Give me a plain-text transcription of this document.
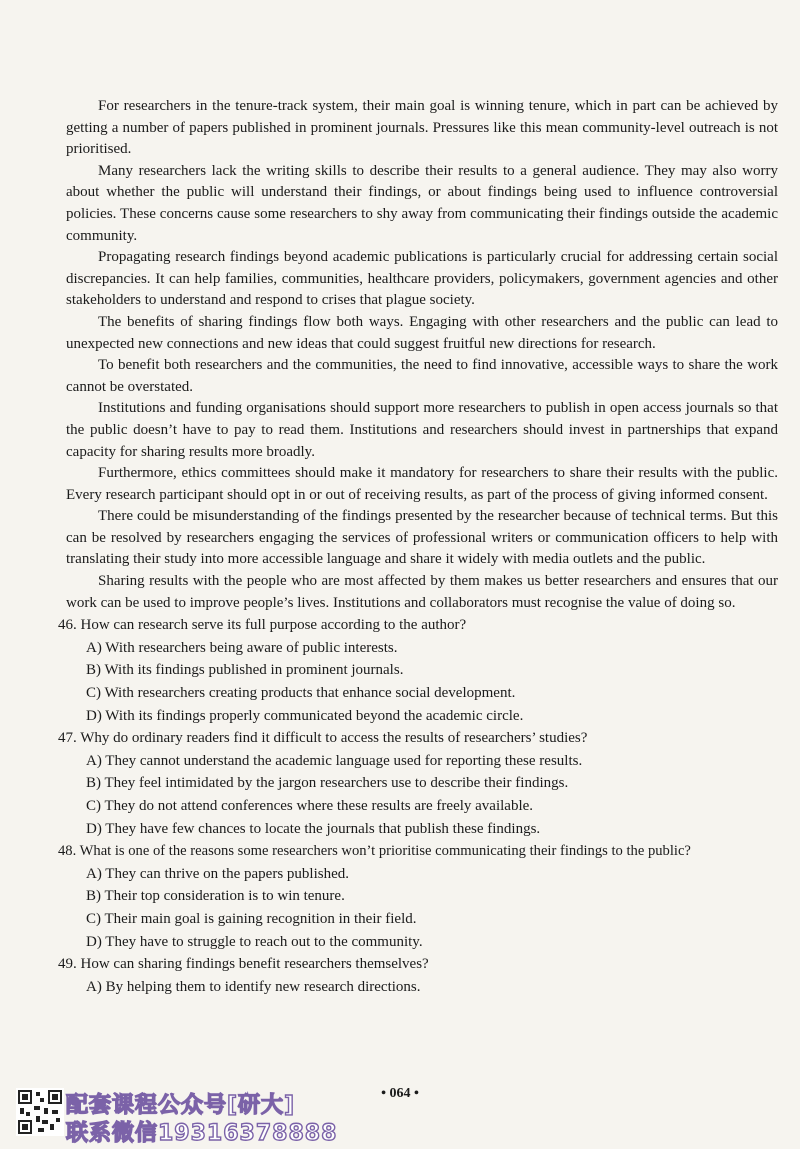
For researchers in the tenure-track system, their main goal is winning tenure, which in part can be achieved by getting a number of papers published in prominent journals. Pressures like this mean community-level outreach is not prioritised.

Many researchers lack the writing skills to describe their results to a general audience. They may also worry about whether the public will understand their findings, or about findings being used to influence controversial policies. These concerns cause some researchers to shy away from communicating their findings outside the academic community.

Propagating research findings beyond academic publications is particularly crucial for addressing certain social discrepancies. It can help families, communities, healthcare providers, policymakers, government agencies and other stakeholders to understand and respond to crises that plague society.

The benefits of sharing findings flow both ways. Engaging with other researchers and the public can lead to unexpected new connections and new ideas that could suggest fruitful new directions for research.

To benefit both researchers and the communities, the need to find innovative, accessible ways to share the work cannot be overstated.

Institutions and funding organisations should support more researchers to publish in open access journals so that the public doesn’t have to pay to read them. Institutions and researchers should invest in partnerships that expand capacity for sharing results more broadly.

Furthermore, ethics committees should make it mandatory for researchers to share their results with the public. Every research participant should opt in or out of receiving results, as part of the process of giving informed consent.

There could be misunderstanding of the findings presented by the researcher because of technical terms. But this can be resolved by researchers engaging the services of professional writers or communication officers to help with translating their study into more accessible language and share it widely with media outlets and the public.

Sharing results with the people who are most affected by them makes us better researchers and ensures that our work can be used to improve people’s lives. Institutions and collaborators must recognise the value of doing so.

46. How can research serve its full purpose according to the author?

A) With researchers being aware of public interests.

B) With its findings published in prominent journals.

C) With researchers creating products that enhance social development.

D) With its findings properly communicated beyond the academic circle.

47. Why do ordinary readers find it difficult to access the results of researchers’ studies?

A) They cannot understand the academic language used for reporting these results.

B) They feel intimidated by the jargon researchers use to describe their findings.

C) They do not attend conferences where these results are freely available.

D) They have few chances to locate the journals that publish these findings.

48. What is one of the reasons some researchers won’t prioritise communicating their findings to the public?

A) They can thrive on the papers published.

B) Their top consideration is to win tenure.

C) Their main goal is gaining recognition in their field.

D) They have to struggle to reach out to the community.

49. How can sharing findings benefit researchers themselves?

A) By helping them to identify new research directions.

• 064 •
配套课程公众号[研大]
联系微信19316378888
